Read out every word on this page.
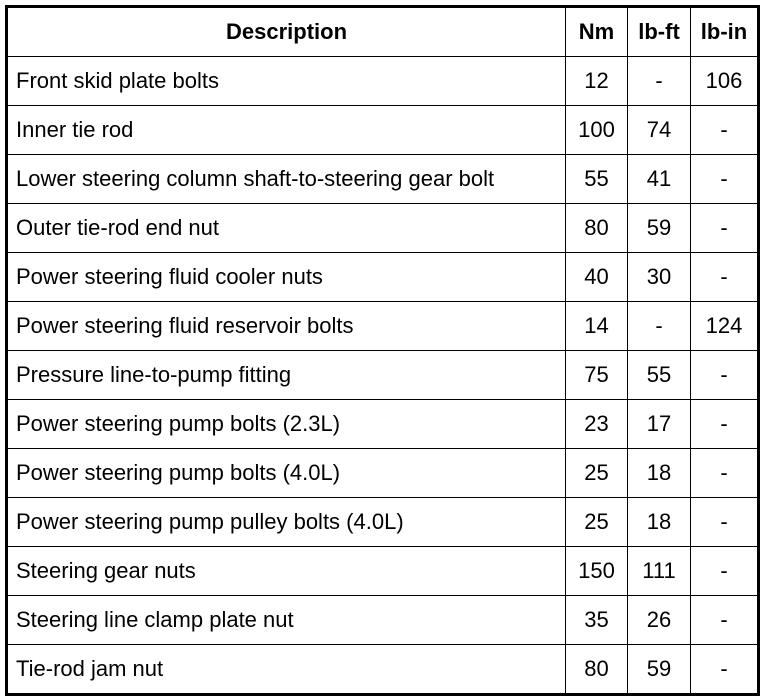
Description	Nm	lb-ft	lb-in
Front skid plate bolts	12	-	106
Inner tie rod	100	74	-
Lower steering column shaft-to-steering gear bolt	55	41	-
Outer tie-rod end nut	80	59	-
Power steering fluid cooler nuts	40	30	-
Power steering fluid reservoir bolts	14	-	124
Pressure line-to-pump fitting	75	55	-
Power steering pump bolts (2.3L)	23	17	-
Power steering pump bolts (4.0L)	25	18	-
Power steering pump pulley bolts (4.0L)	25	18	-
Steering gear nuts	150	111	-
Steering line clamp plate nut	35	26	-
Tie-rod jam nut	80	59	-
